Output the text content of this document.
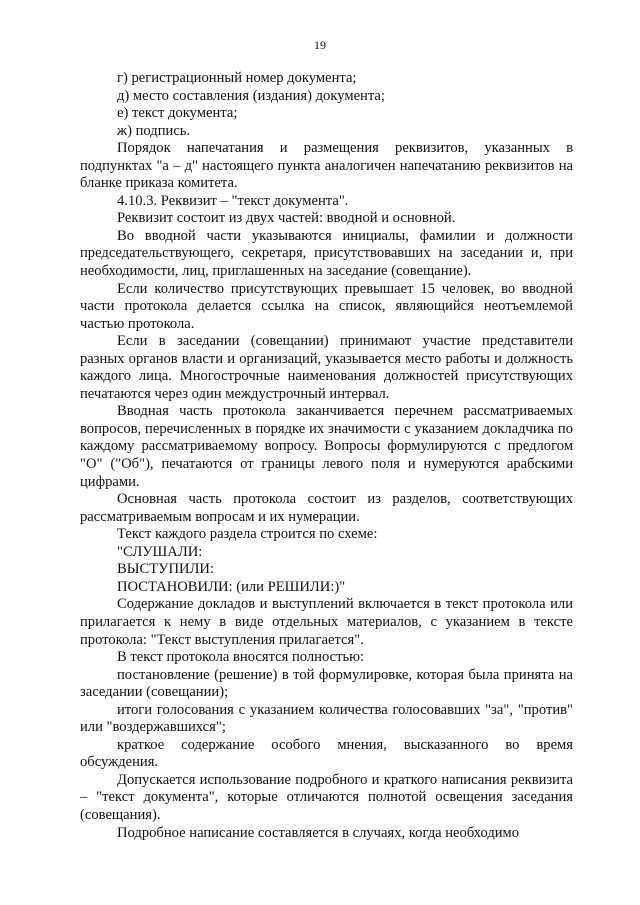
19

г) регистрационный номер документа;

д) место составления (издания) документа;

е) текст документа;

ж) подпись.

Порядок напечатания и размещения реквизитов, указанных в подпунктах "а – д" настоящего пункта аналогичен напечатанию реквизитов на бланке приказа комитета.

4.10.3. Реквизит – "текст документа".

Реквизит состоит из двух частей: вводной и основной.

Во вводной части указываются инициалы, фамилии и должности председательствующего, секретаря, присутствовавших на заседании и, при необходимости, лиц, приглашенных на заседание (совещание).

Если количество присутствующих превышает 15 человек, во вводной части протокола делается ссылка на список, являющийся неотъемлемой частью протокола.

Если в заседании (совещании) принимают участие представители разных органов власти и организаций, указывается место работы и должность каждого лица. Многострочные наименования должностей присутствующих печатаются через один междустрочный интервал.

Вводная часть протокола заканчивается перечнем рассматриваемых вопросов, перечисленных в порядке их значимости с указанием докладчика по каждому рассматриваемому вопросу. Вопросы формулируются с предлогом "О" ("Об"), печатаются от границы левого поля и нумеруются арабскими цифрами.

Основная часть протокола состоит из разделов, соответствующих рассматриваемым вопросам и их нумерации.

Текст каждого раздела строится по схеме:

"СЛУШАЛИ:

ВЫСТУПИЛИ:

ПОСТАНОВИЛИ: (или РЕШИЛИ:)"

Содержание докладов и выступлений включается в текст протокола или прилагается к нему в виде отдельных материалов, с указанием в тексте протокола: "Текст выступления прилагается".

В текст протокола вносятся полностью:

постановление (решение) в той формулировке, которая была принята на заседании (совещании);

итоги голосования с указанием количества голосовавших "за", "против" или "воздержавшихся";

краткое содержание особого мнения, высказанного во время обсуждения.

Допускается использование подробного и краткого написания реквизита – "текст документа", которые отличаются полнотой освещения заседания (совещания).

Подробное написание составляется в случаях, когда необходимо
